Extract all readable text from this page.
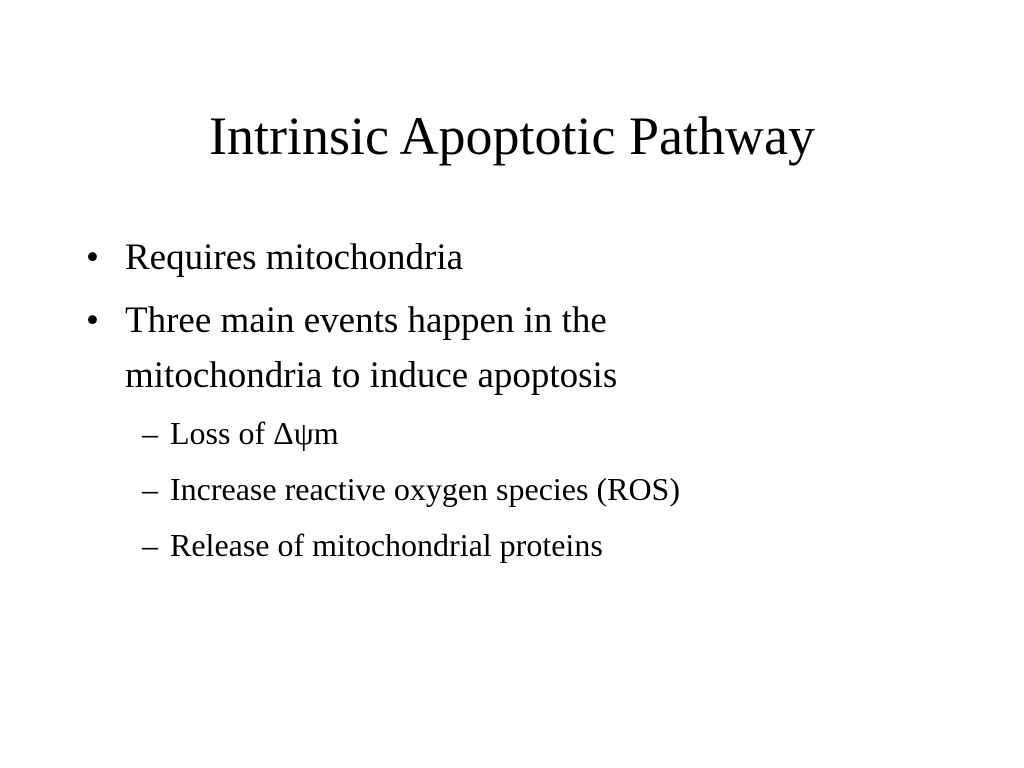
Intrinsic Apoptotic Pathway
• Requires mitochondria
• Three main events happen in the mitochondria to induce apoptosis
– Loss of Δψm
– Increase reactive oxygen species (ROS)
– Release of mitochondrial proteins
